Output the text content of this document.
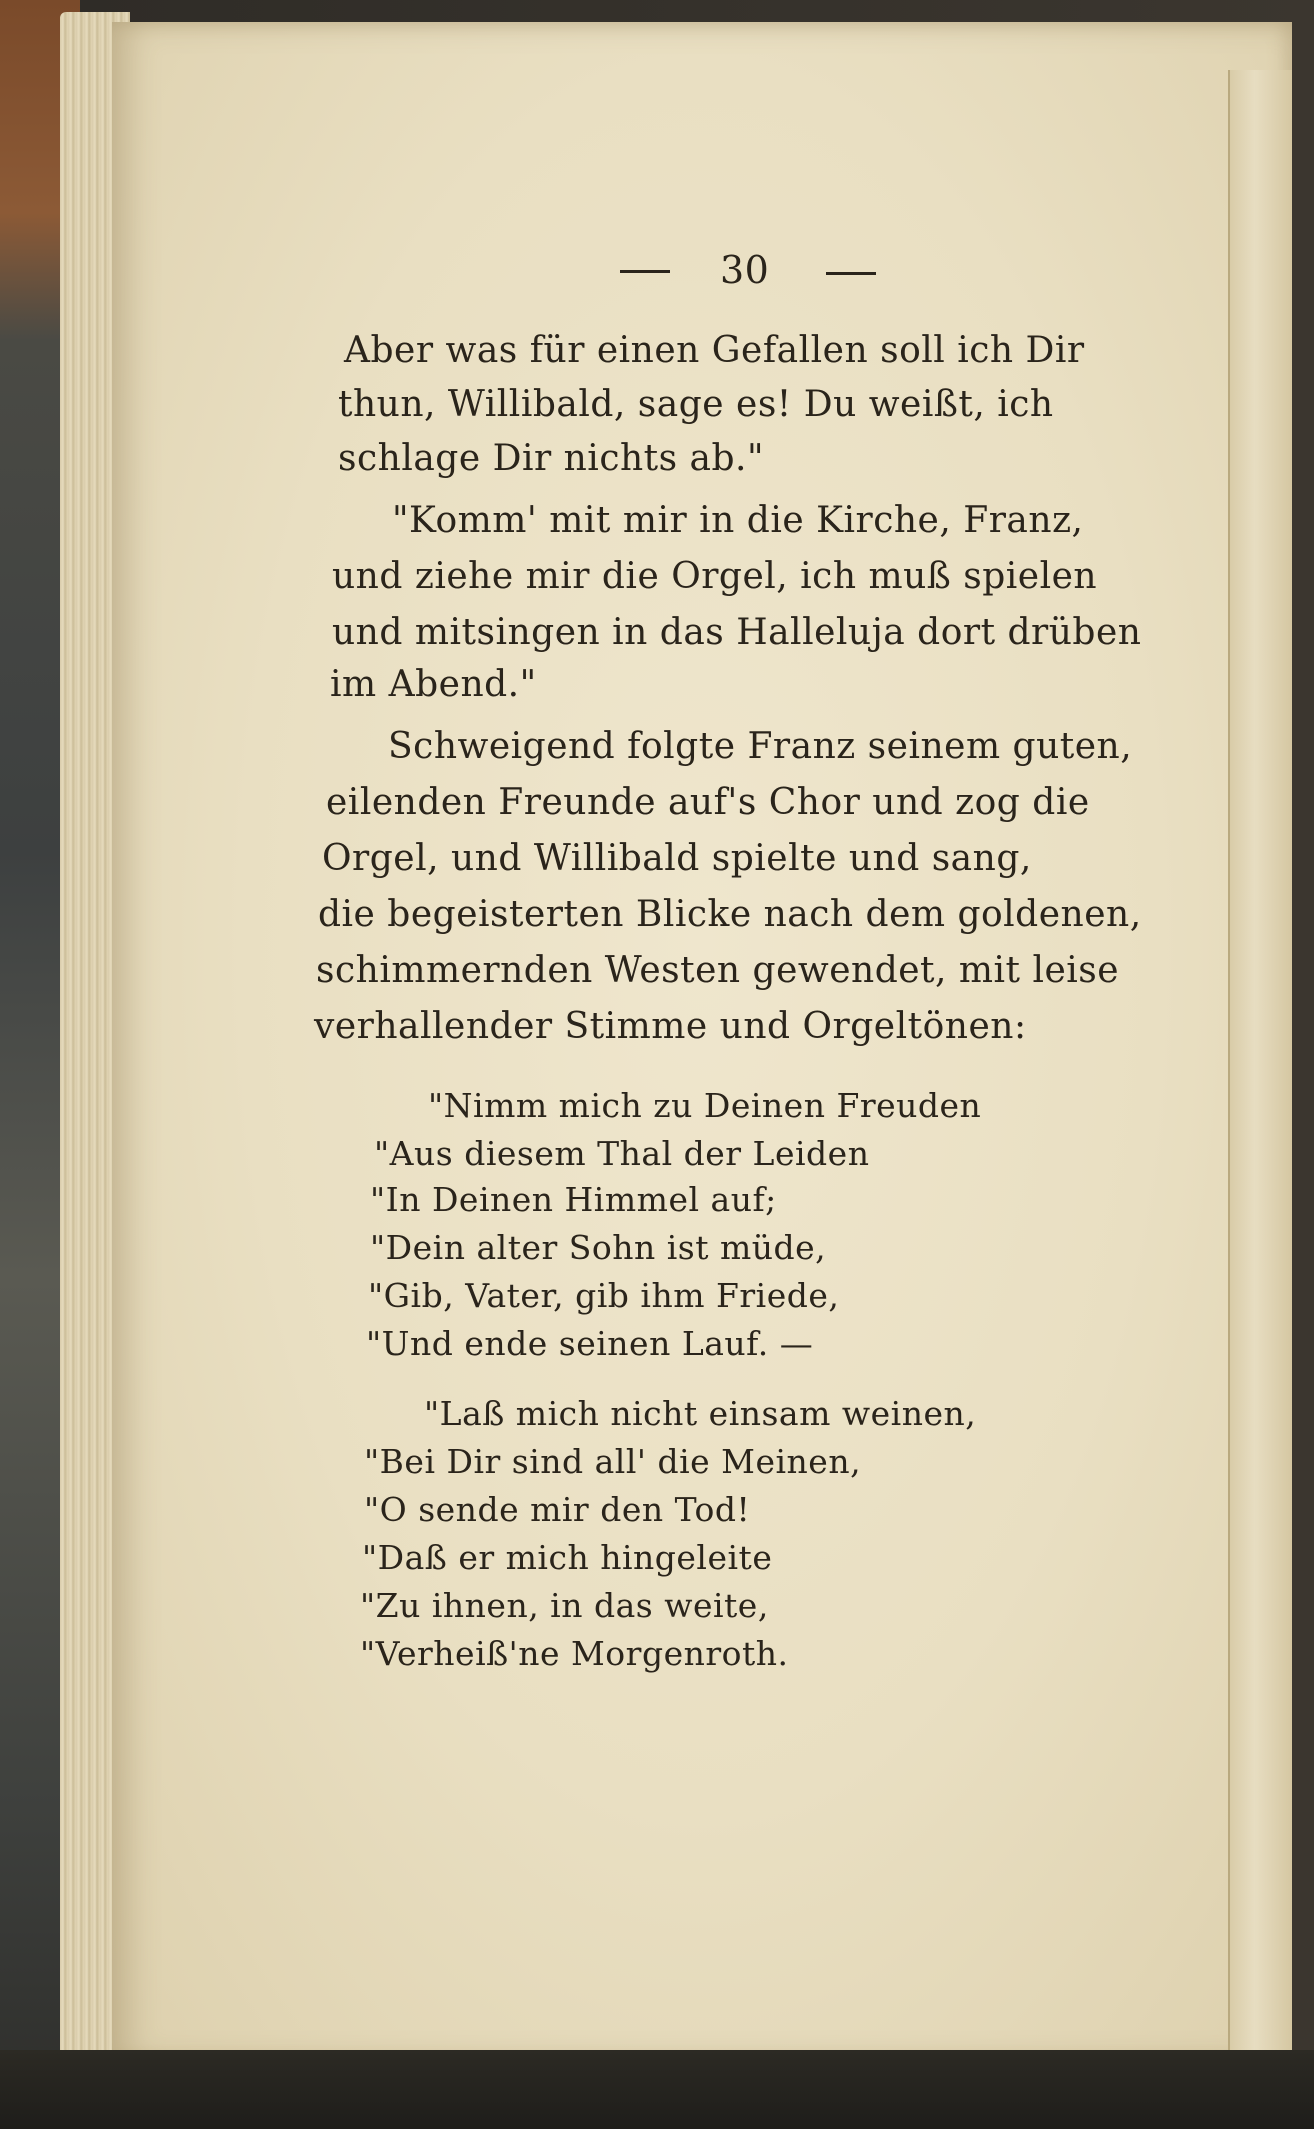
30
Aber was für einen Gefallen soll ich Dir
thun, Willibald, sage es! Du weißt, ich
schlage Dir nichts ab."
"Komm' mit mir in die Kirche, Franz,
und ziehe mir die Orgel, ich muß spielen
und mitsingen in das Halleluja dort drüben
im Abend."
Schweigend folgte Franz seinem guten,
eilenden Freunde auf's Chor und zog die
Orgel, und Willibald spielte und sang,
die begeisterten Blicke nach dem goldenen,
schimmernden Westen gewendet, mit leise
verhallender Stimme und Orgeltönen:
"Nimm mich zu Deinen Freuden
"Aus diesem Thal der Leiden
"In Deinen Himmel auf;
"Dein alter Sohn ist müde,
"Gib, Vater, gib ihm Friede,
"Und ende seinen Lauf. —
"Laß mich nicht einsam weinen,
"Bei Dir sind all' die Meinen,
"O sende mir den Tod!
"Daß er mich hingeleite
"Zu ihnen, in das weite,
"Verheiß'ne Morgenroth.
